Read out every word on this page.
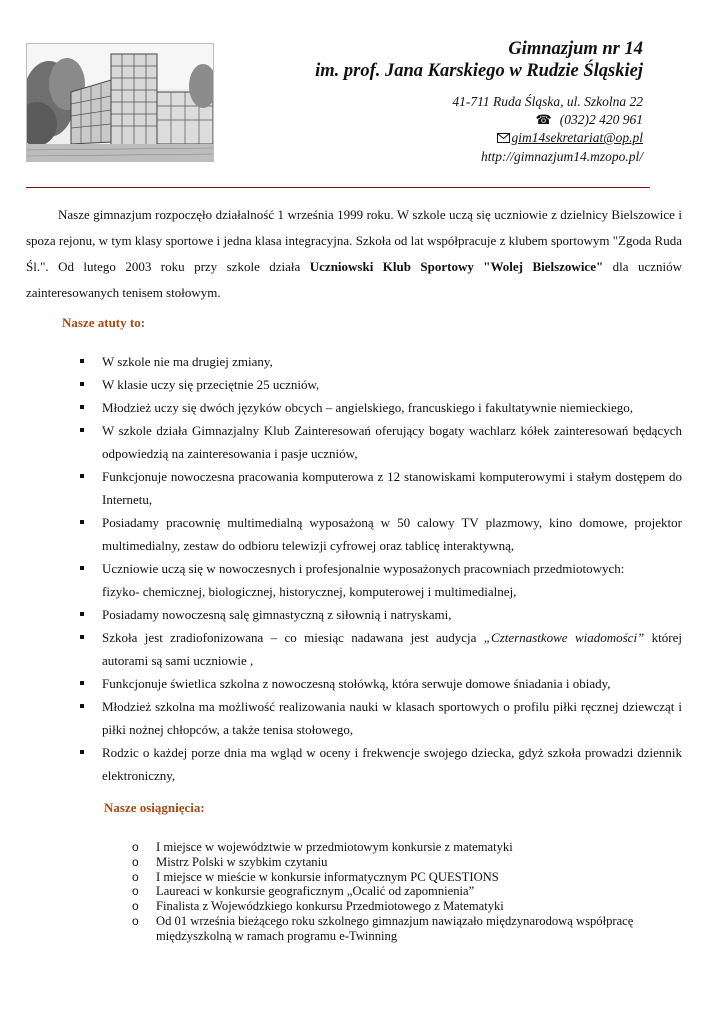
Gimnazjum nr 14
im. prof. Jana Karskiego w Rudzie Śląskiej
41-711 Ruda Śląska, ul. Szkolna 22
☎ (032)2 420 961
gim14sekretariat@op.pl
http://gimnazjum14.mzopo.pl/

Nasze gimnazjum rozpoczęło działalność 1 września 1999 roku. W szkole uczą się uczniowie z dzielnicy Bielszowice i spoza rejonu, w tym klasy sportowe i jedna klasa integracyjna. Szkoła od lat współpracuje z klubem sportowym "Zgoda Ruda Śl.". Od lutego 2003 roku przy szkole działa Uczniowski Klub Sportowy "Wolej Bielszowice" dla uczniów zainteresowanych tenisem stołowym.

Nasze atuty to:

W szkole nie ma drugiej zmiany,
W klasie uczy się przeciętnie 25 uczniów,
Młodzież uczy się dwóch języków obcych – angielskiego, francuskiego i fakultatywnie niemieckiego,
W szkole działa Gimnazjalny Klub Zainteresowań oferujący bogaty wachlarz kółek zainteresowań będących odpowiedzią na zainteresowania i pasje uczniów,
Funkcjonuje nowoczesna pracowania komputerowa z 12 stanowiskami komputerowymi i stałym dostępem do Internetu,
Posiadamy pracownię multimedialną wyposażoną w 50 calowy TV plazmowy, kino domowe, projektor multimedialny, zestaw do odbioru telewizji cyfrowej oraz tablicę interaktywną,
Uczniowie uczą się w nowoczesnych i profesjonalnie wyposażonych pracowniach przedmiotowych:
fizyko- chemicznej, biologicznej, historycznej, komputerowej i multimedialnej,
Posiadamy nowoczesną salę gimnastyczną z siłownią i natryskami,
Szkoła jest zradiofonizowana – co miesiąc nadawana jest audycja „Czternastkowe wiadomości” której autorami są sami uczniowie ,
Funkcjonuje świetlica szkolna z nowoczesną stołówką, która serwuje domowe śniadania i obiady,
Młodzież szkolna ma możliwość realizowania nauki w klasach sportowych o profilu piłki ręcznej dziewcząt i piłki nożnej chłopców, a także tenisa stołowego,
Rodzic o każdej porze dnia ma wgląd w oceny i frekwencje swojego dziecka, gdyż szkoła prowadzi dziennik elektroniczny,

Nasze osiągnięcia:

o I miejsce w województwie w przedmiotowym konkursie z matematyki
o Mistrz Polski w szybkim czytaniu
o I miejsce w mieście w konkursie informatycznym PC QUESTIONS
o Laureaci w konkursie geograficznym „Ocalić od zapomnienia”
o Finalista z Wojewódzkiego konkursu Przedmiotowego z Matematyki
o Od 01 września bieżącego roku szkolnego gimnazjum nawiązało międzynarodową współpracę międzyszkolną w ramach programu e-Twinning
